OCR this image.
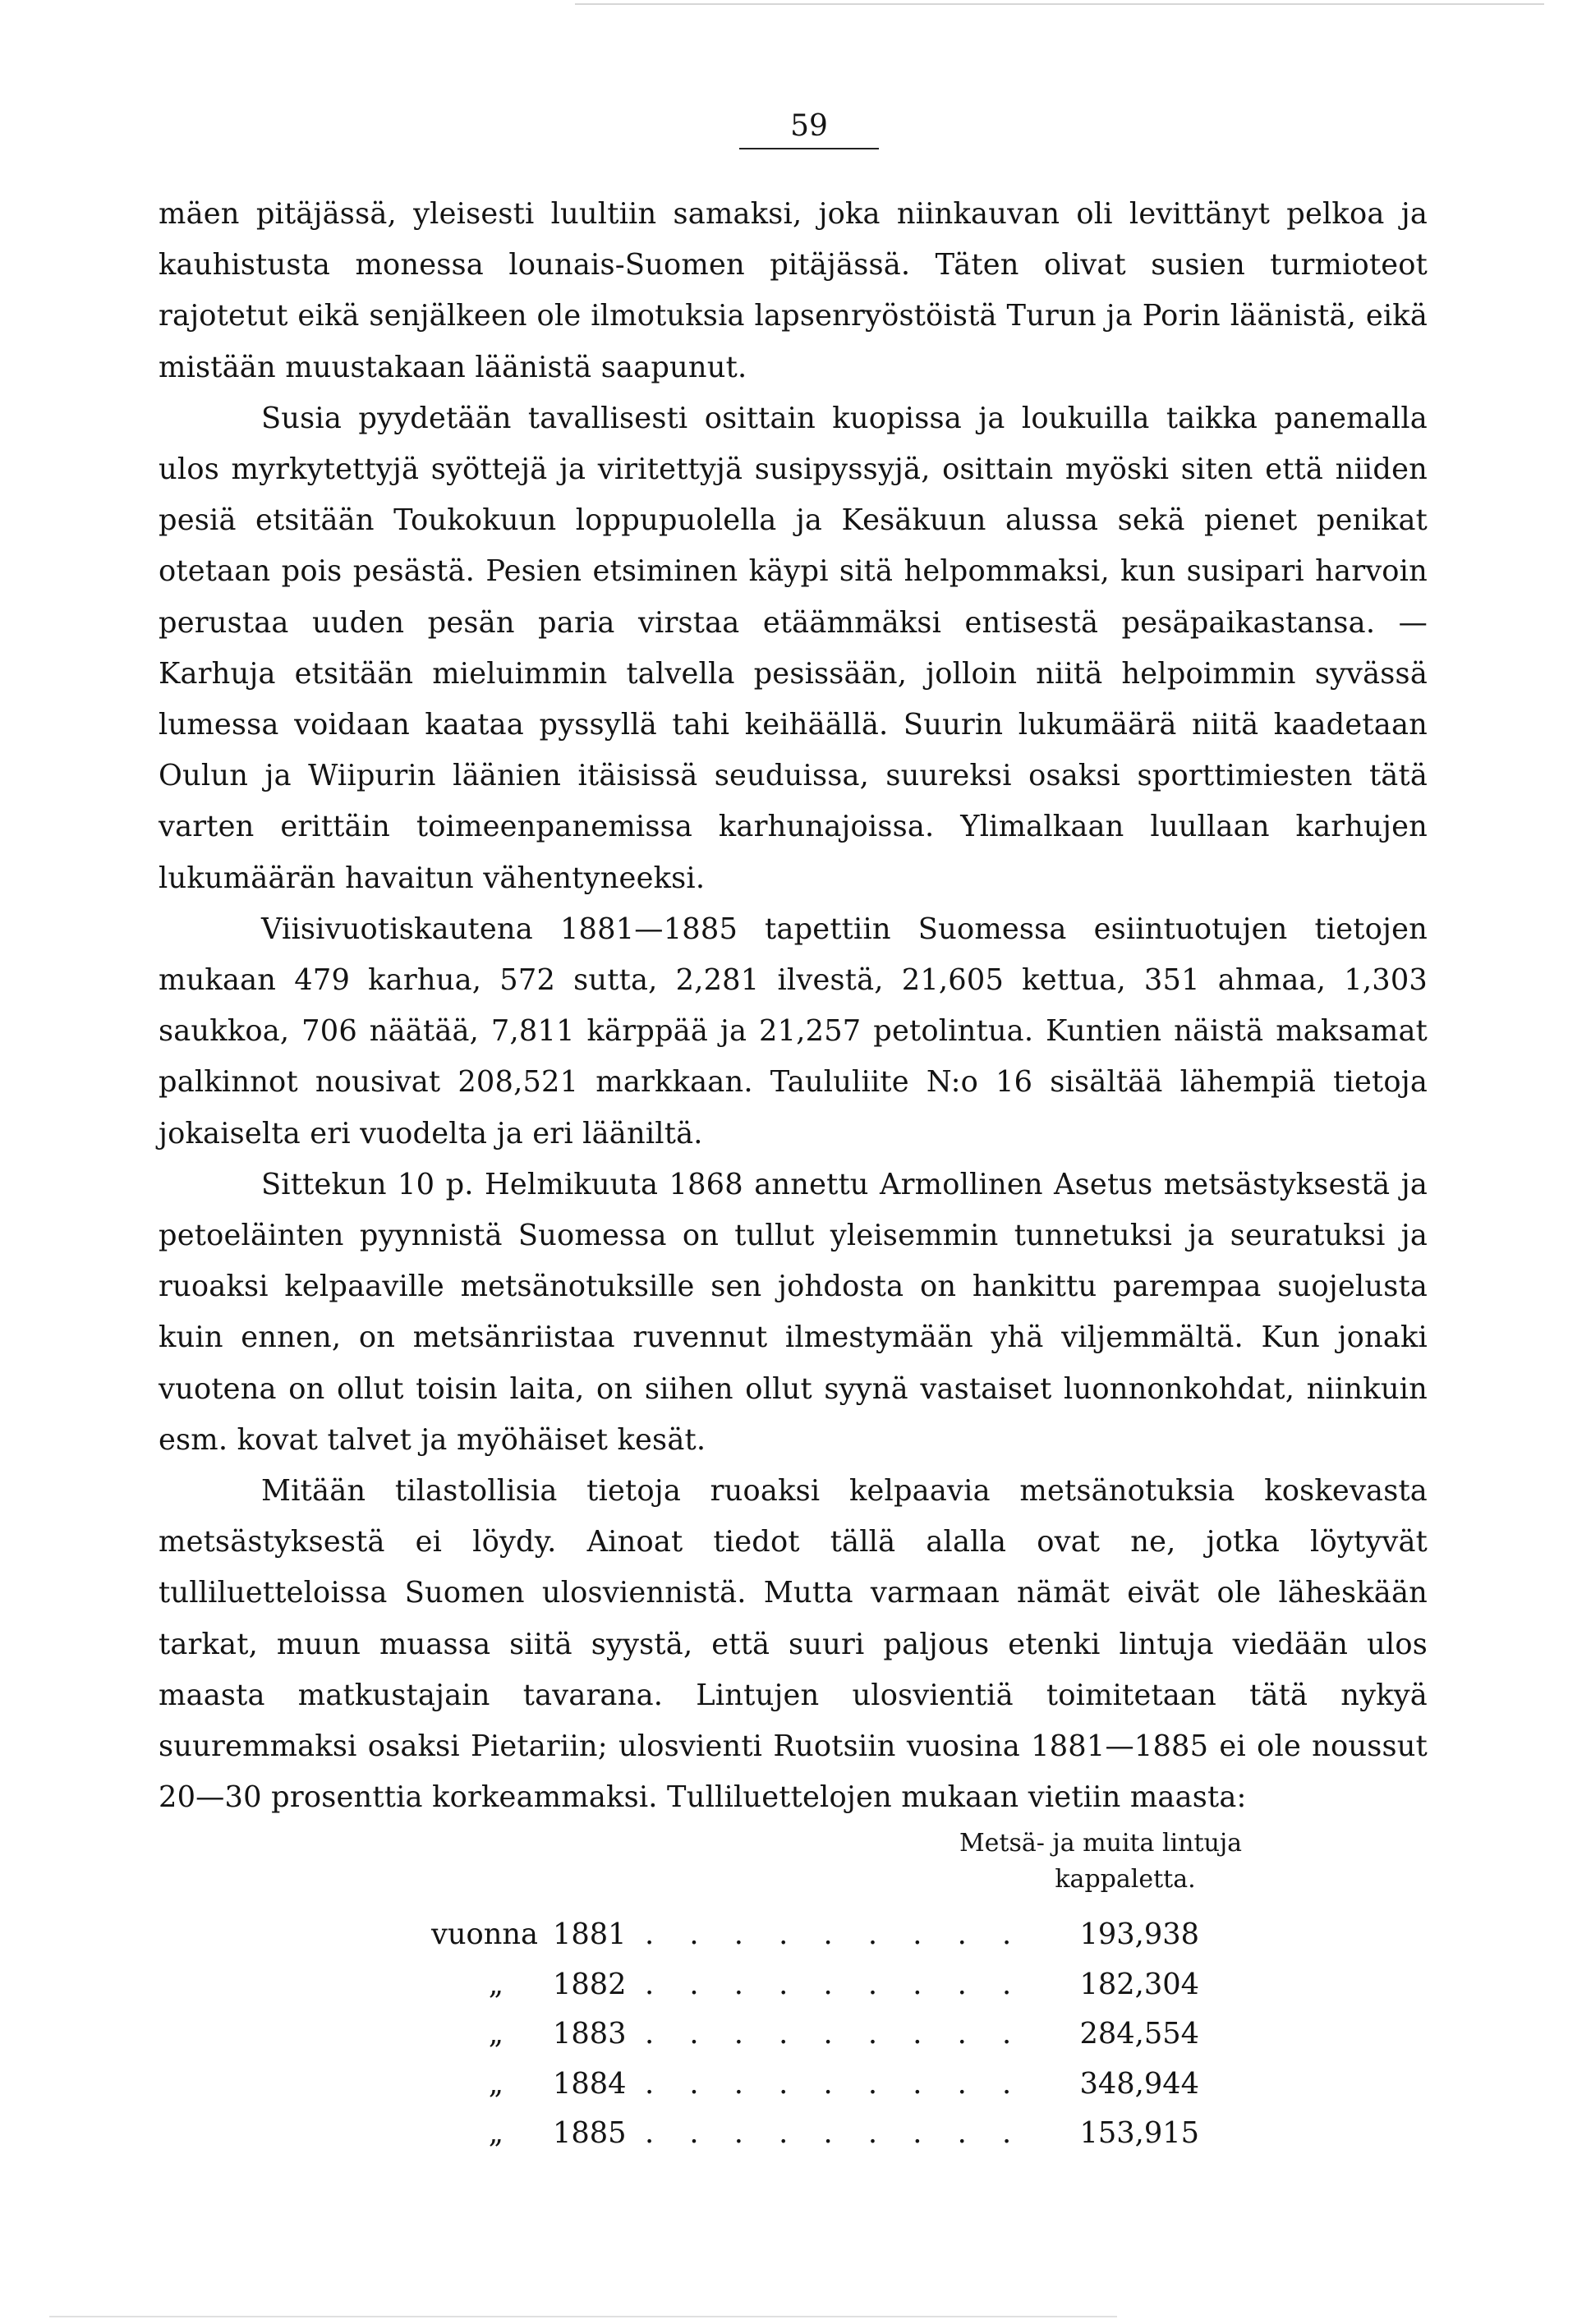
59

mäen pitäjässä, yleisesti luultiin samaksi, joka niinkauvan oli levittänyt pelkoa ja kauhistusta monessa lounais-Suomen pitäjässä. Täten olivat susien turmioteot rajotetut eikä senjälkeen ole ilmotuksia lapsenryöstöistä Turun ja Porin läänistä, eikä mistään muustakaan läänistä saapunut.

Susia pyydetään tavallisesti osittain kuopissa ja loukuilla taikka panemalla ulos myrkytettyjä syöttejä ja viritettyjä susipyssyjä, osittain myöski siten että niiden pesiä etsitään Toukokuun loppupuolella ja Kesäkuun alussa sekä pienet penikat otetaan pois pesästä. Pesien etsiminen käypi sitä helpommaksi, kun susipari harvoin perustaa uuden pesän paria virstaa etäämmäksi entisestä pesäpaikastansa. — Karhuja etsitään mieluimmin talvella pesissään, jolloin niitä helpoimmin syvässä lumessa voidaan kaataa pyssyllä tahi keihäällä. Suurin lukumäärä niitä kaadetaan Oulun ja Wiipurin läänien itäisissä seuduissa, suureksi osaksi sporttimiesten tätä varten erittäin toimeenpanemissa karhunajoissa. Ylimalkaan luullaan karhujen lukumäärän havaitun vähentyneeksi.

Viisivuotiskautena 1881—1885 tapettiin Suomessa esiintuotujen tietojen mukaan 479 karhua, 572 sutta, 2,281 ilvestä, 21,605 kettua, 351 ahmaa, 1,303 saukkoa, 706 näätää, 7,811 kärppää ja 21,257 petolintua. Kuntien näistä maksamat palkinnot nousivat 208,521 markkaan. Taululiite N:o 16 sisältää lähempiä tietoja jokaiselta eri vuodelta ja eri lääniltä.

Sittekun 10 p. Helmikuuta 1868 annettu Armollinen Asetus metsästyksestä ja petoeläinten pyynnistä Suomessa on tullut yleisemmin tunnetuksi ja seuratuksi ja ruoaksi kelpaaville metsänotuksille sen johdosta on hankittu parempaa suojelusta kuin ennen, on metsänriistaa ruvennut ilmestymään yhä viljemmältä. Kun jonaki vuotena on ollut toisin laita, on siihen ollut syynä vastaiset luonnonkohdat, niinkuin esm. kovat talvet ja myöhäiset kesät.

Mitään tilastollisia tietoja ruoaksi kelpaavia metsänotuksia koskevasta metsästyksestä ei löydy. Ainoat tiedot tällä alalla ovat ne, jotka löytyvät tulliluetteloissa Suomen ulosviennistä. Mutta varmaan nämät eivät ole läheskään tarkat, muun muassa siitä syystä, että suuri paljous etenki lintuja viedään ulos maasta matkustajain tavarana. Lintujen ulosvientiä toimitetaan tätä nykyä suuremmaksi osaksi Pietariin; ulosvienti Ruotsiin vuosina 1881—1885 ei ole noussut 20—30 prosenttia korkeammaksi. Tulliluettelojen mukaan vietiin maasta:

Metsä- ja muita lintuja
kappaletta.
vuonna 1881 . . . . . . . . .	193,938
„	1882 . . . . . . . . .	182,304
„	1883 . . . . . . . . .	284,554
„	1884 . . . . . . . . .	348,944
„	1885 . . . . . . . . .	153,915
